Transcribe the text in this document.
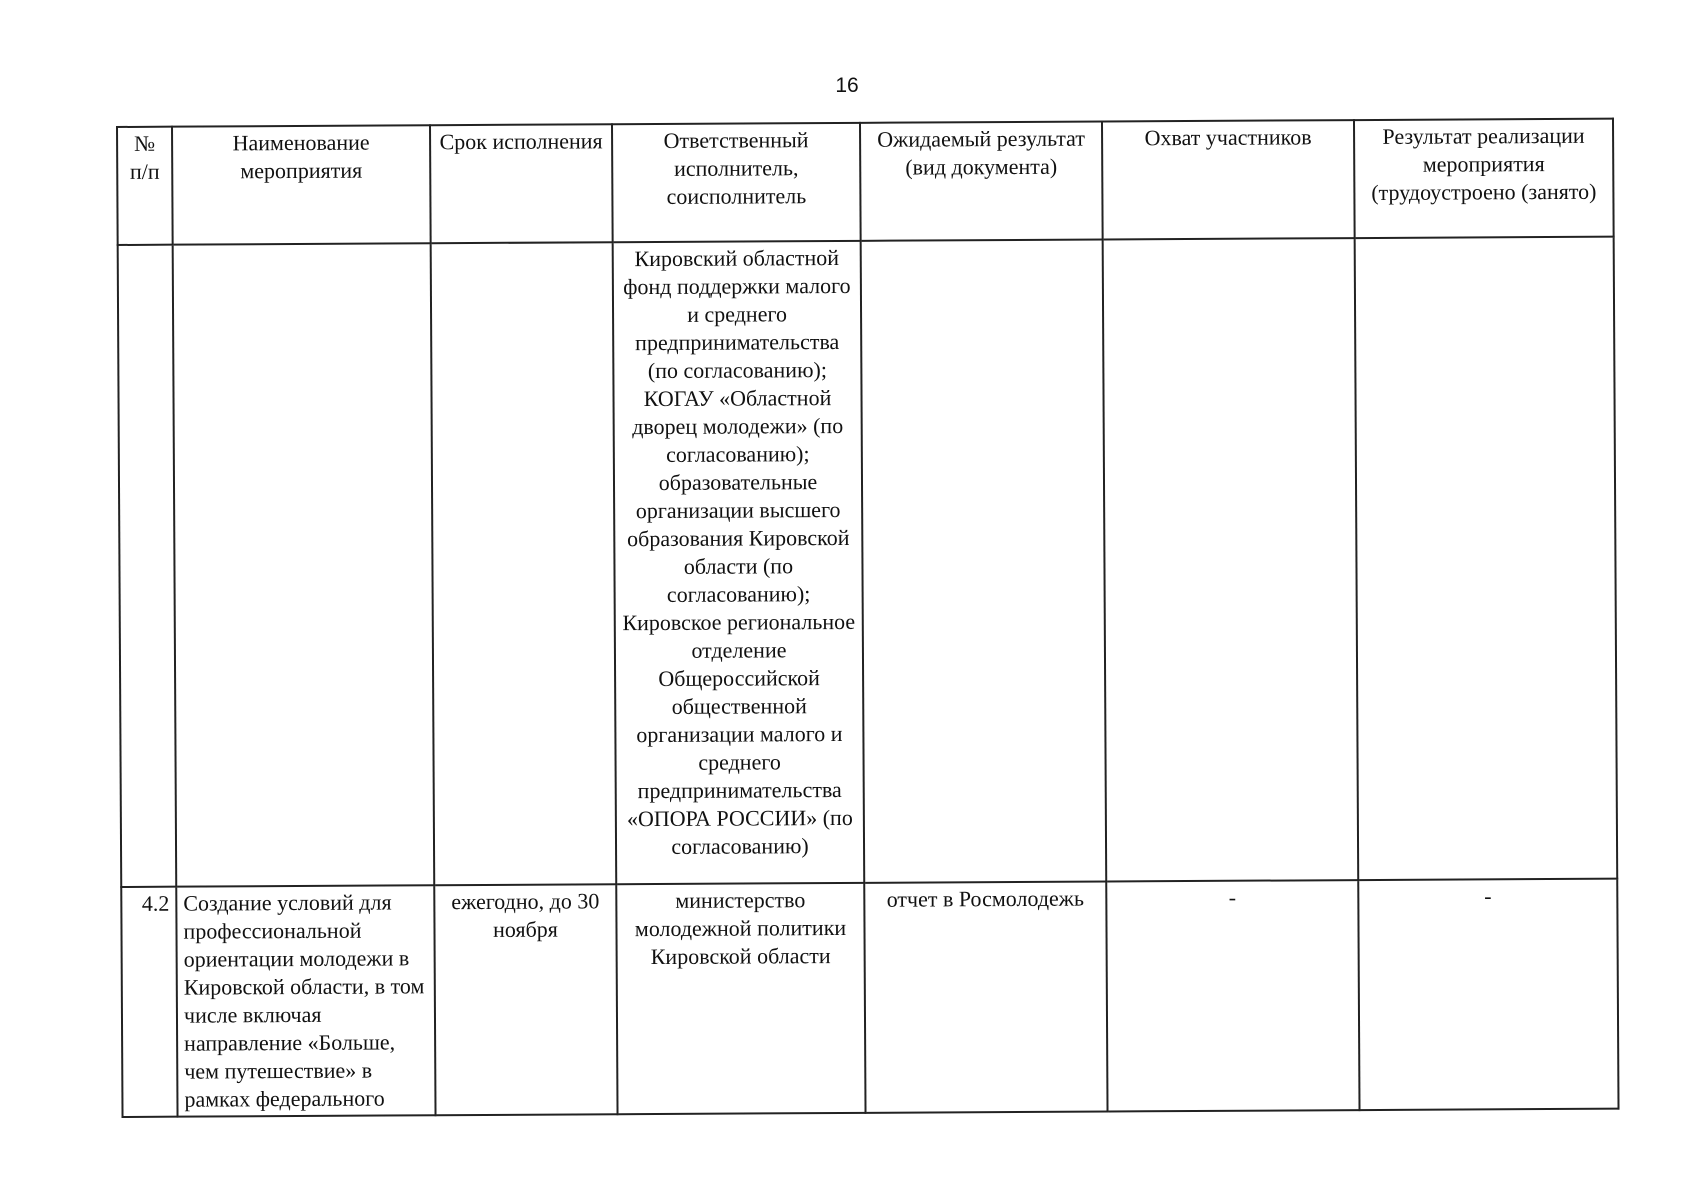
16
№ п/п	Наименование мероприятия	Срок исполнения	Ответственный исполнитель, соисполнитель	Ожидаемый результат (вид документа)	Охват участников	Результат реализации мероприятия (трудоустроено (занято)
			Кировский областной фонд поддержки малого и среднего предпринимательства (по согласованию); КОГАУ «Областной дворец молодежи» (по согласованию); образовательные организации высшего образования Кировской области (по согласованию); Кировское региональное отделение Общероссийской общественной организации малого и среднего предпринимательства «ОПОРА РОССИИ» (по согласованию)			
4.2	Создание условий для профессиональной ориентации молодежи в Кировской области, в том числе включая направление «Больше, чем путешествие» в рамках федерального	ежегодно, до 30 ноября	министерство молодежной политики Кировской области	отчет в Росмолодежь	-	-
